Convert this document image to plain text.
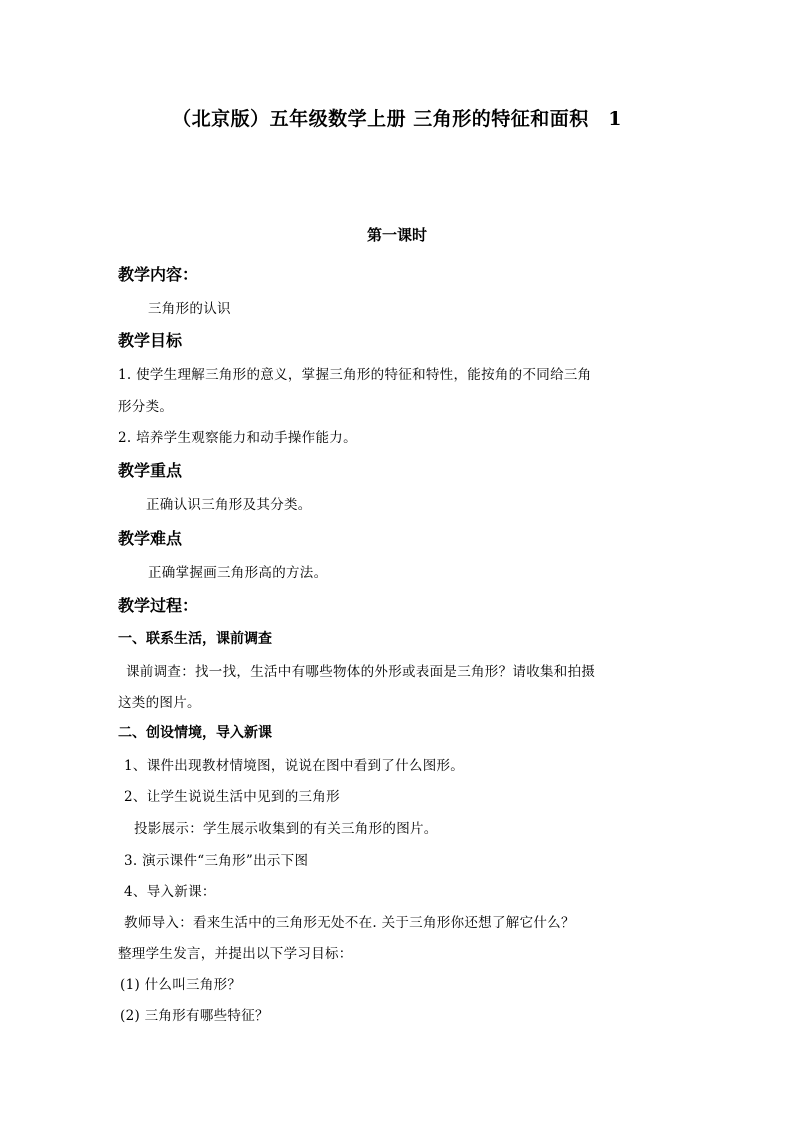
（北京版）五年级数学上册 三角形的特征和面积　1
第一课时
教学内容：
三角形的认识
教学目标
1. 使学生理解三角形的意义，掌握三角形的特征和特性，能按角的不同给三角
形分类。
2. 培养学生观察能力和动手操作能力。
教学重点
正确认识三角形及其分类。
教学难点
正确掌握画三角形高的方法。
教学过程：
一、联系生活，课前调查
课前调查：找一找，生活中有哪些物体的外形或表面是三角形？请收集和拍摄
这类的图片。
二、创设情境，导入新课
1、课件出现教材情境图，说说在图中看到了什么图形。
2、让学生说说生活中见到的三角形
投影展示：学生展示收集到的有关三角形的图片。
3. 演示课件“三角形”出示下图
4、导入新课：
教师导入：看来生活中的三角形无处不在. 关于三角形你还想了解它什么？
整理学生发言，并提出以下学习目标：
(1) 什么叫三角形？
(2) 三角形有哪些特征？
